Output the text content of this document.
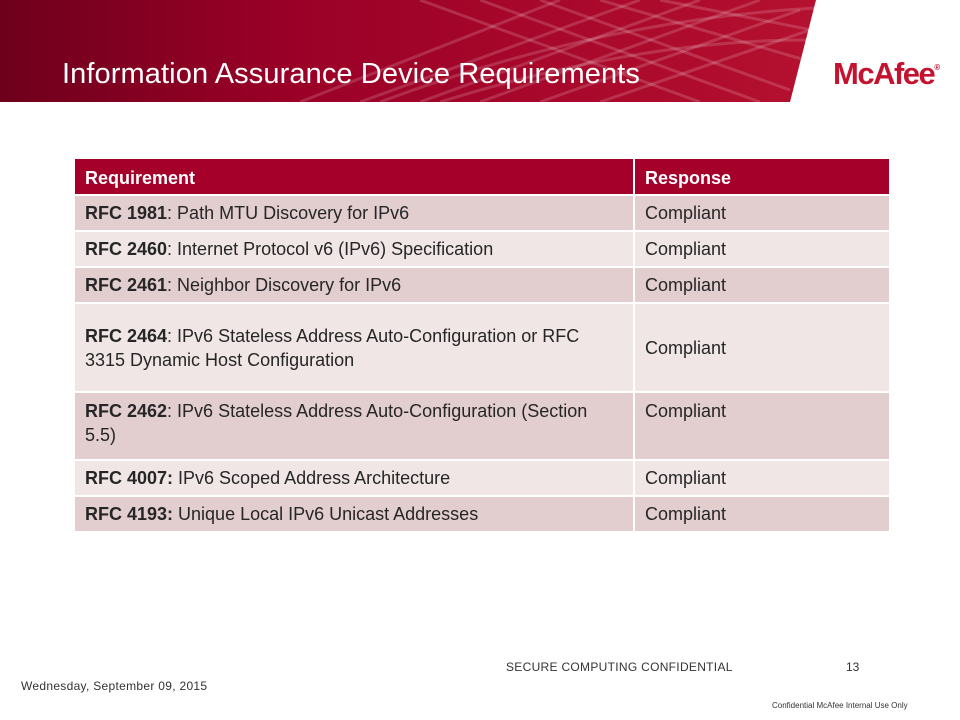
Information Assurance Device Requirements	McAfee®
Requirement	Response
RFC 1981: Path MTU Discovery for IPv6	Compliant
RFC 2460: Internet Protocol v6 (IPv6) Specification	Compliant
RFC 2461: Neighbor Discovery for IPv6	Compliant
RFC 2464: IPv6 Stateless Address Auto-Configuration or RFC 3315 Dynamic Host Configuration	Compliant
RFC 2462: IPv6 Stateless Address Auto-Configuration (Section 5.5)	Compliant
RFC 4007: IPv6 Scoped Address Architecture	Compliant
RFC 4193: Unique Local IPv6 Unicast Addresses	Compliant
SECURE COMPUTING CONFIDENTIAL	13
Wednesday, September 09, 2015
Confidential McAfee Internal Use Only
